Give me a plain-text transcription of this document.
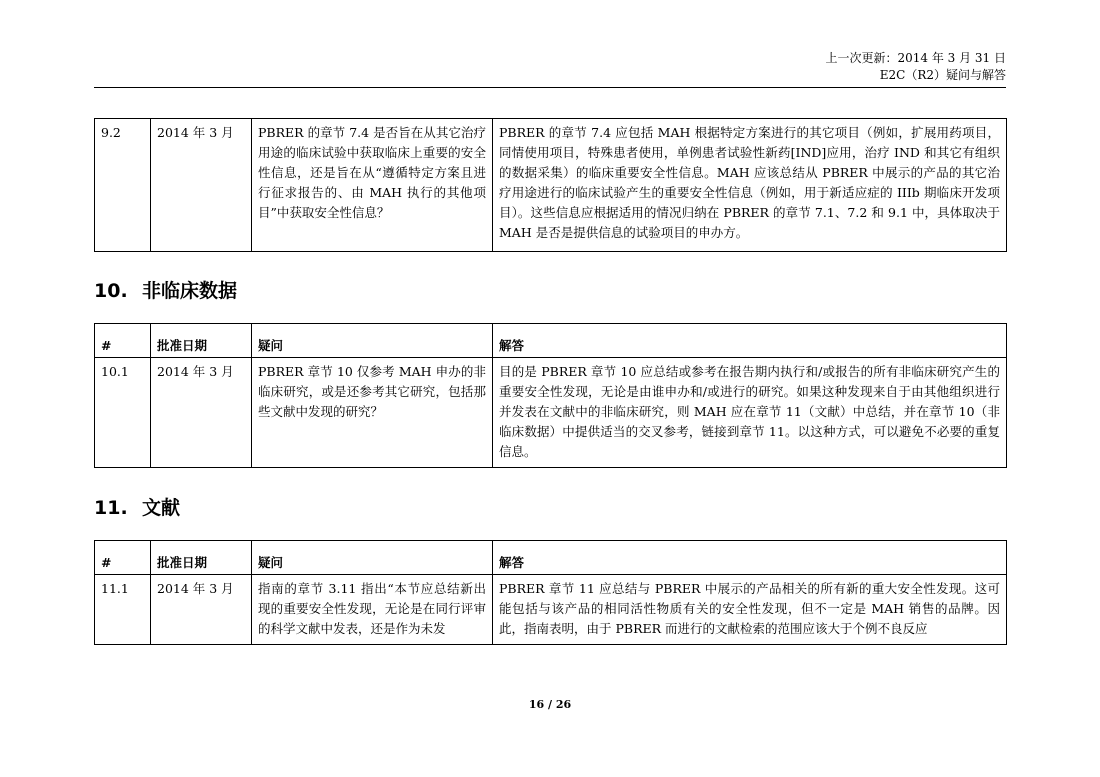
上一次更新：2014 年 3 月 31 日
E2C（R2）疑问与解答
9.2	2014 年 3 月	PBRER 的章节 7.4 是否旨在从其它治疗用途的临床试验中获取临床上重要的安全性信息，还是旨在从“遵循特定方案且进行征求报告的、由 MAH 执行的其他项目”中获取安全性信息？	PBRER 的章节 7.4 应包括 MAH 根据特定方案进行的其它项目（例如，扩展用药项目，同情使用项目，特殊患者使用，单例患者试验性新药[IND]应用，治疗 IND 和其它有组织的数据采集）的临床重要安全性信息。MAH 应该总结从 PBRER 中展示的产品的其它治疗用途进行的临床试验产生的重要安全性信息（例如，用于新适应症的 IIIb 期临床开发项目）。这些信息应根据适用的情况归纳在 PBRER 的章节 7.1、7.2 和 9.1 中，具体取决于 MAH 是否是提供信息的试验项目的申办方。
10. 非临床数据
#	批准日期	疑问	解答
10.1	2014 年 3 月	PBRER 章节 10 仅参考 MAH 申办的非临床研究，或是还参考其它研究，包括那些文献中发现的研究？	目的是 PBRER 章节 10 应总结或参考在报告期内执行和/或报告的所有非临床研究产生的重要安全性发现，无论是由谁申办和/或进行的研究。如果这种发现来自于由其他组织进行并发表在文献中的非临床研究，则 MAH 应在章节 11（文献）中总结，并在章节 10（非临床数据）中提供适当的交叉参考，链接到章节 11。以这种方式，可以避免不必要的重复信息。
11. 文献
#	批准日期	疑问	解答
11.1	2014 年 3 月	指南的章节 3.11 指出“本节应总结新出现的重要安全性发现，无论是在同行评审的科学文献中发表，还是作为未发	PBRER 章节 11 应总结与 PBRER 中展示的产品相关的所有新的重大安全性发现。这可能包括与该产品的相同活性物质有关的安全性发现，但不一定是 MAH 销售的品牌。因此，指南表明，由于 PBRER 而进行的文献检索的范围应该大于个例不良反应
16 / 26
